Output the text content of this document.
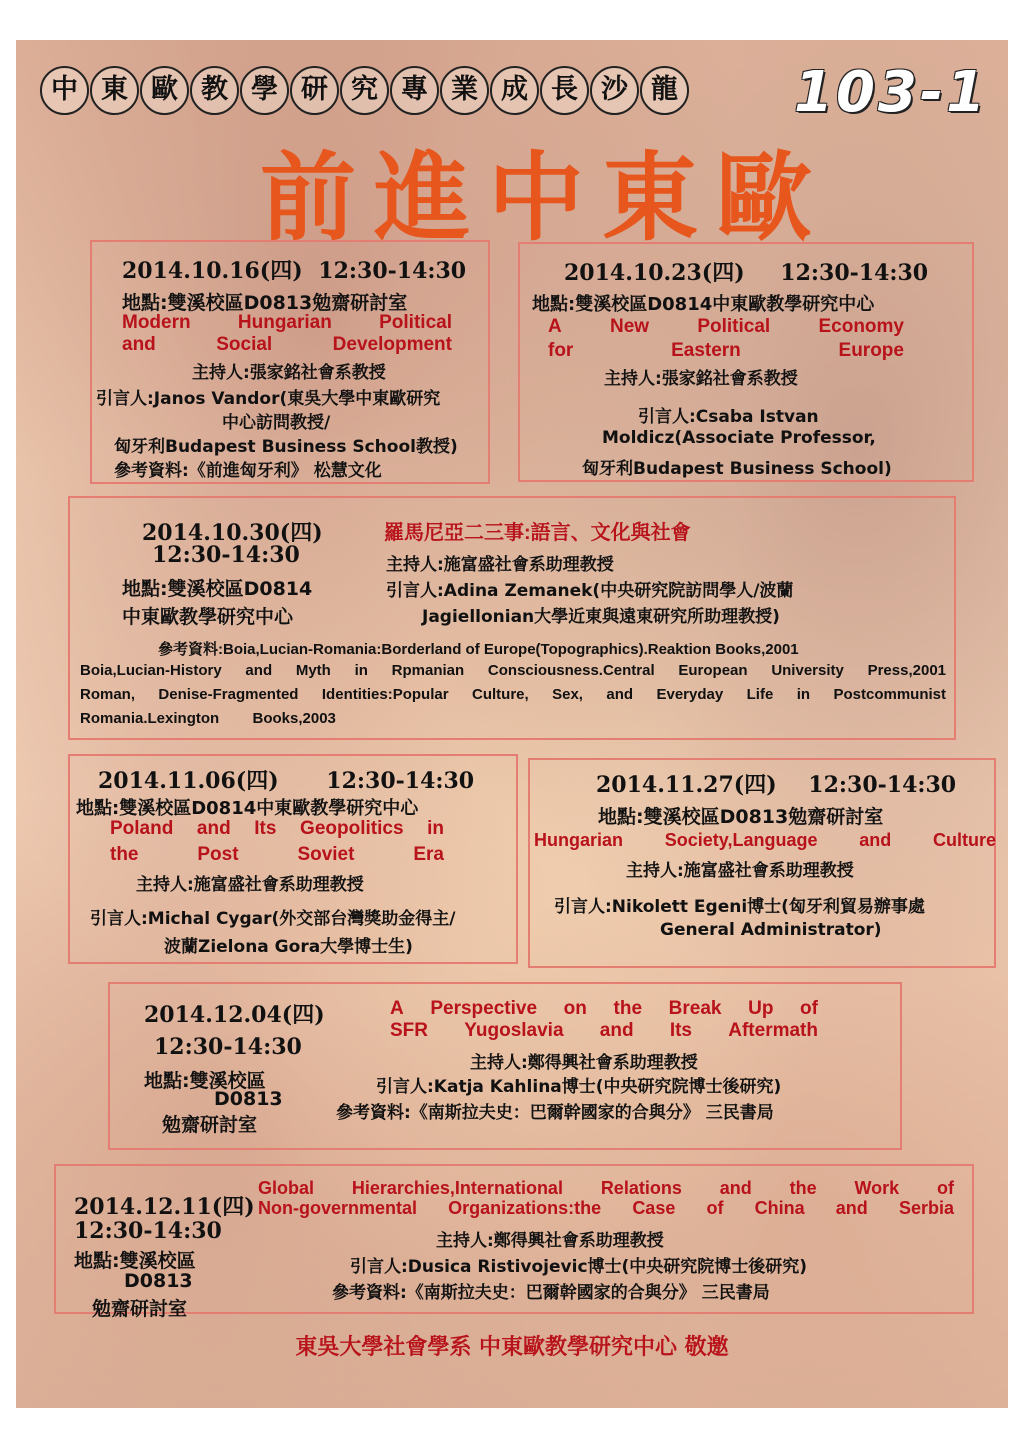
中 東 歐 教 學 研 究 專 業 成 長 沙 龍 103-1
前進中東歐
2014.10.16(四) 12:30-14:30
地點:雙溪校區D0813勉齋研討室
Modern Hungarian Political
and	Social	Development
主持人:張家銘社會系教授
引言人:Janos Vandor(東吳大學中東歐研究
中心訪問教授/
匈牙利Budapest Business School教授)
參考資料:《前進匈牙利》 松慧文化
2014.10.23(四) 12:30-14:30
地點:雙溪校區D0814中東歐教學研究中心
A	New	Political	Economy
for	Eastern	Europe
主持人:張家銘社會系教授
引言人:Csaba Istvan
Moldicz(Associate Professor,
匈牙利Budapest Business School)
2014.10.30(四)
12:30-14:30
地點:雙溪校區D0814
中東歐教學研究中心
羅馬尼亞二三事:語言、文化與社會
主持人:施富盛社會系助理教授
引言人:Adina Zemanek(中央研究院訪問學人/波蘭
Jagiellonian大學近東與遠東研究所助理教授)
參考資料:Boia,Lucian-Romania:Borderland of Europe(Topographics).Reaktion Books,2001
Boia,Lucian-History and Myth in Rpmanian Consciousness.Central European University Press,2001
Roman, Denise-Fragmented Identities:Popular Culture, Sex, and Everyday Life in Postcommunist
Romania.Lexington        Books,2003
2014.11.06(四) 12:30-14:30
地點:雙溪校區D0814中東歐教學研究中心
Poland and Its Geopolitics in
the	Post	Soviet	Era
主持人:施富盛社會系助理教授
引言人:Michal Cygar(外交部台灣獎助金得主/
波蘭Zielona Gora大學博士生)
2014.11.27(四) 12:30-14:30
地點:雙溪校區D0813勉齋研討室
Hungarian Society,Language and Culture
主持人:施富盛社會系助理教授
引言人:Nikolett Egeni博士(匈牙利貿易辦事處
General Administrator)
2014.12.04(四)
12:30-14:30
地點:雙溪校區
D0813
勉齋研討室
A Perspective on the Break Up of
SFR Yugoslavia and Its Aftermath
主持人:鄭得興社會系助理教授
引言人:Katja Kahlina博士(中央研究院博士後研究)
參考資料:《南斯拉夫史：巴爾幹國家的合與分》 三民書局
2014.12.11(四)
12:30-14:30
地點:雙溪校區
D0813
勉齋研討室
Global Hierarchies,International Relations and the Work of
Non-governmental Organizations:the Case of China and Serbia
主持人:鄭得興社會系助理教授
引言人:Dusica Ristivojevic博士(中央研究院博士後研究)
參考資料:《南斯拉夫史：巴爾幹國家的合與分》 三民書局
東吳大學社會學系 中東歐教學研究中心 敬邀
